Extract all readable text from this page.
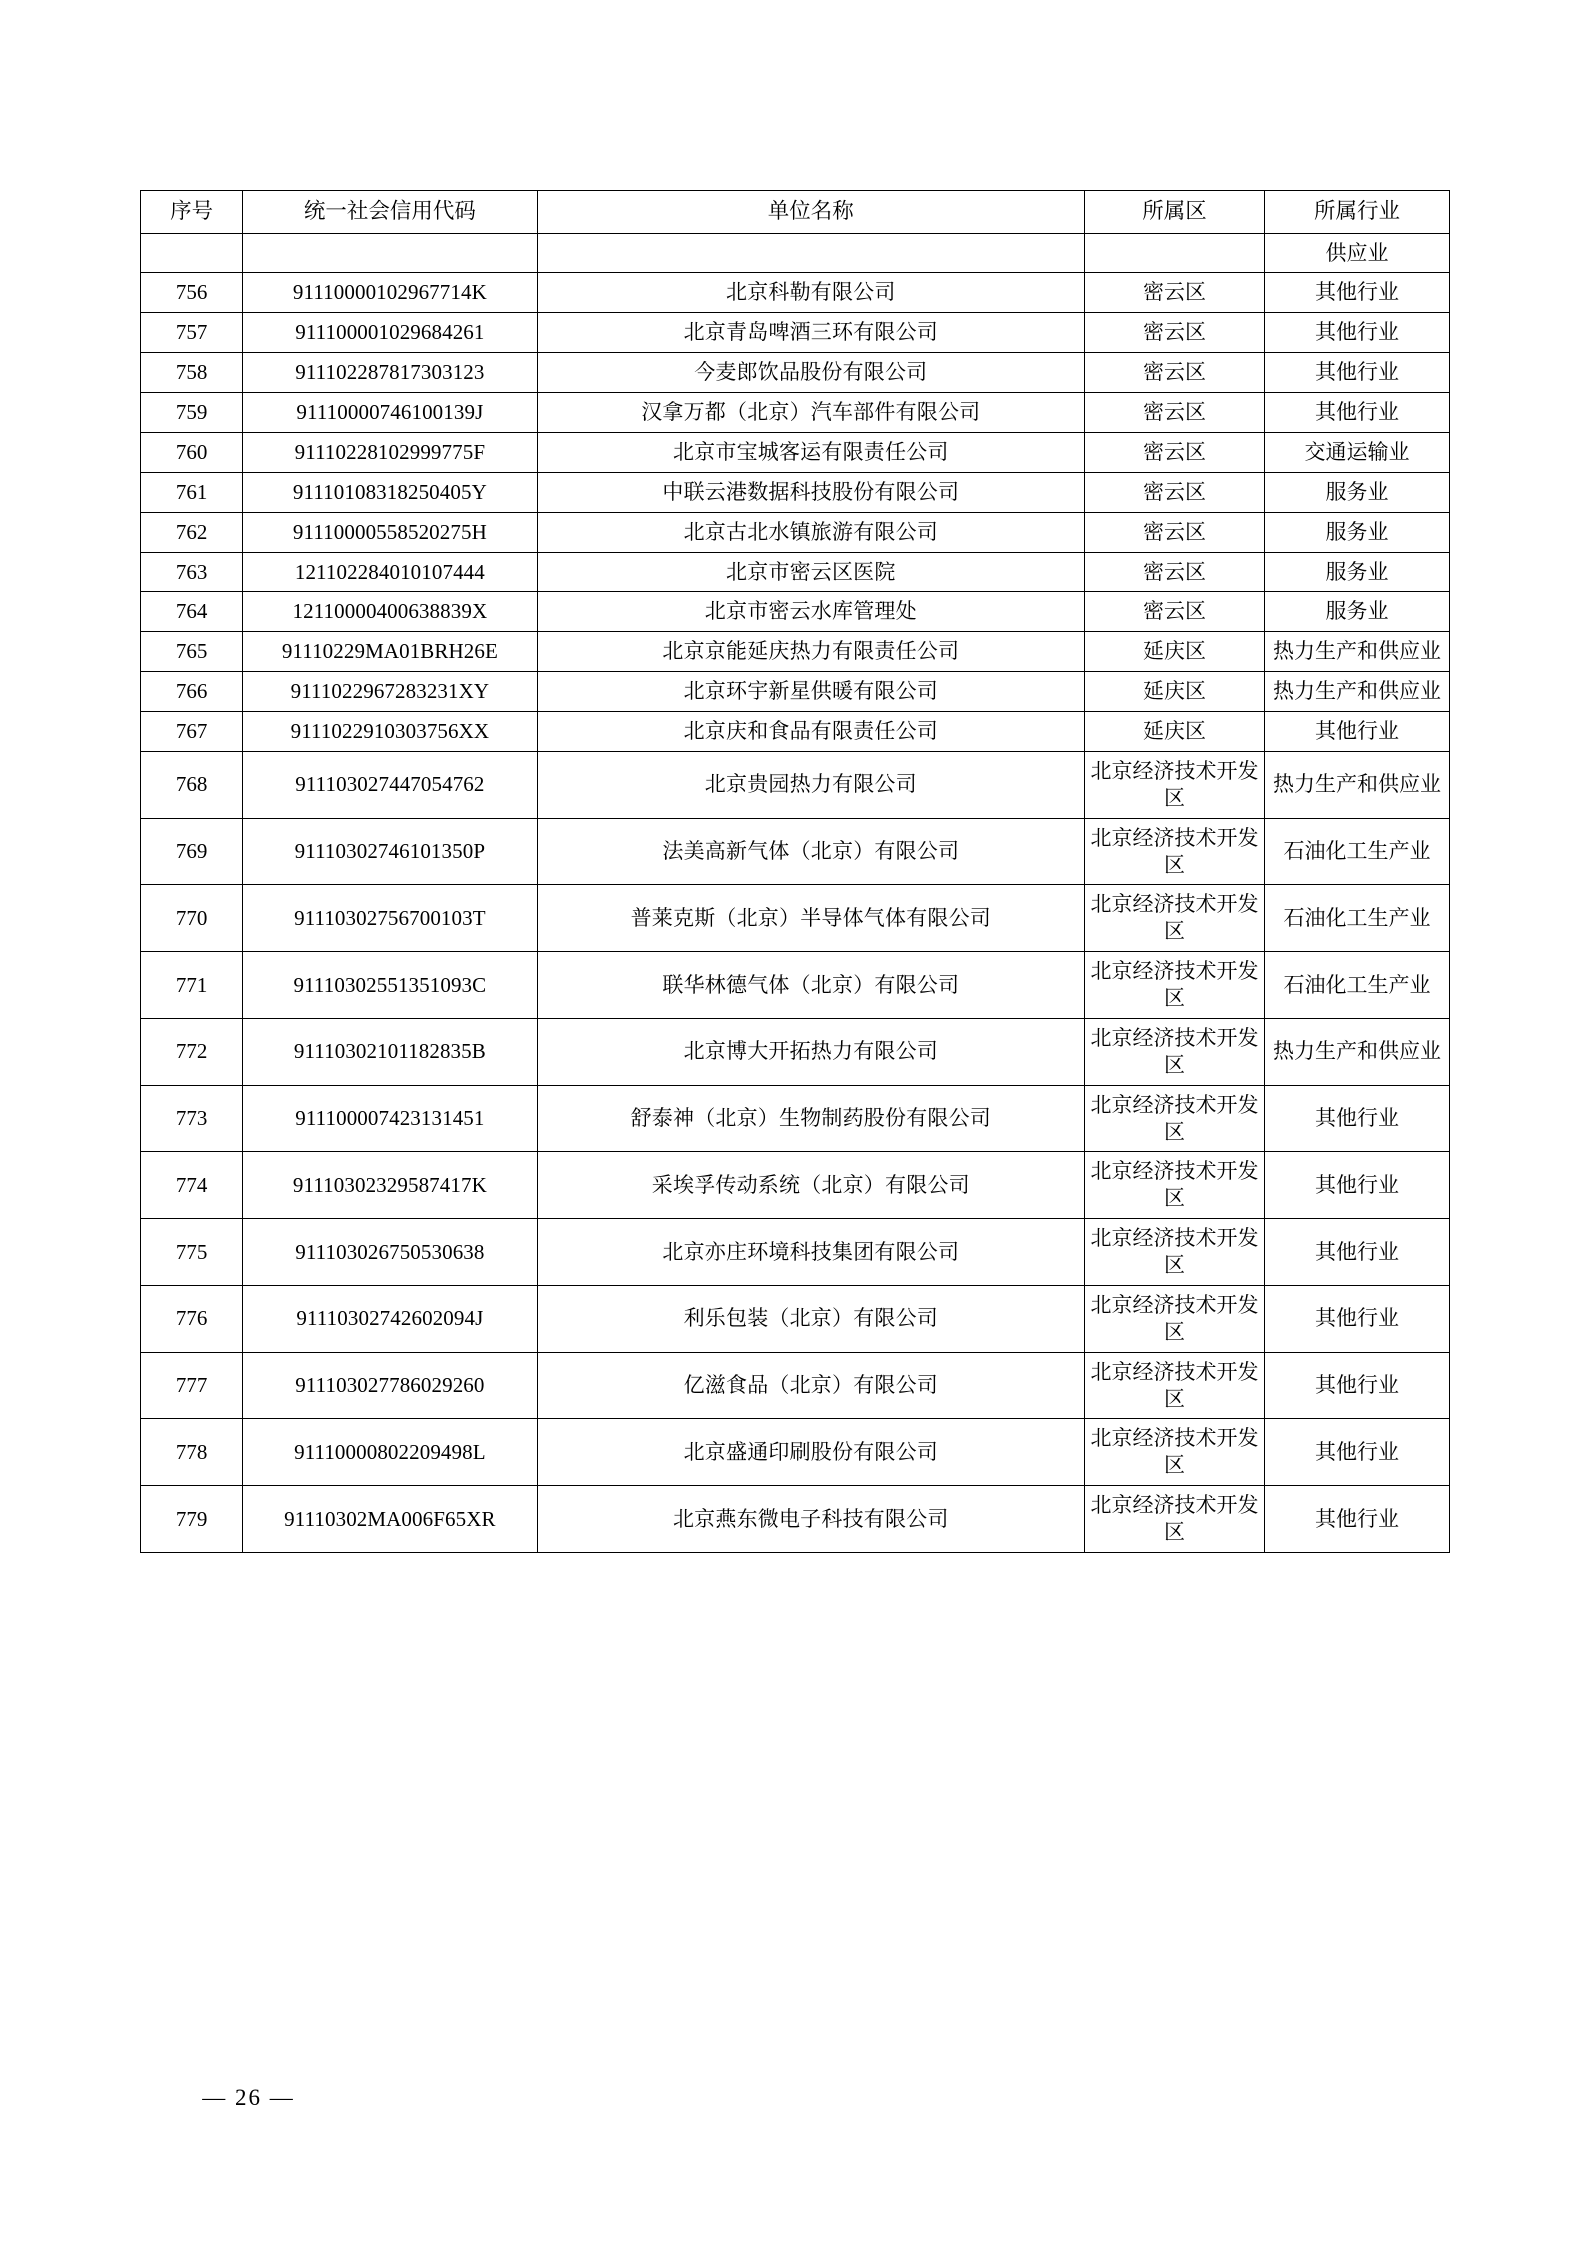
序号	统一社会信用代码	单位名称	所属区	所属行业
				供应业
756	91110000102967714K	北京科勒有限公司	密云区	其他行业
757	911100001029684261	北京青岛啤酒三环有限公司	密云区	其他行业
758	911102287817303123	今麦郎饮品股份有限公司	密云区	其他行业
759	91110000746100139J	汉拿万都（北京）汽车部件有限公司	密云区	其他行业
760	91110228102999775F	北京市宝城客运有限责任公司	密云区	交通运输业
761	91110108318250405Y	中联云港数据科技股份有限公司	密云区	服务业
762	91110000558520275H	北京古北水镇旅游有限公司	密云区	服务业
763	121102284010107444	北京市密云区医院	密云区	服务业
764	12110000400638839X	北京市密云水库管理处	密云区	服务业
765	91110229MA01BRH26E	北京京能延庆热力有限责任公司	延庆区	热力生产和供应业
766	9111022967283231XY	北京环宇新星供暖有限公司	延庆区	热力生产和供应业
767	9111022910303756XX	北京庆和食品有限责任公司	延庆区	其他行业
768	911103027447054762	北京贵园热力有限公司	北京经济技术开发区	热力生产和供应业
769	91110302746101350P	法美高新气体（北京）有限公司	北京经济技术开发区	石油化工生产业
770	91110302756700103T	普莱克斯（北京）半导体气体有限公司	北京经济技术开发区	石油化工生产业
771	91110302551351093C	联华林德气体（北京）有限公司	北京经济技术开发区	石油化工生产业
772	91110302101182835B	北京博大开拓热力有限公司	北京经济技术开发区	热力生产和供应业
773	911100007423131451	舒泰神（北京）生物制药股份有限公司	北京经济技术开发区	其他行业
774	91110302329587417K	采埃孚传动系统（北京）有限公司	北京经济技术开发区	其他行业
775	911103026750530638	北京亦庄环境科技集团有限公司	北京经济技术开发区	其他行业
776	91110302742602094J	利乐包装（北京）有限公司	北京经济技术开发区	其他行业
777	911103027786029260	亿滋食品（北京）有限公司	北京经济技术开发区	其他行业
778	91110000802209498L	北京盛通印刷股份有限公司	北京经济技术开发区	其他行业
779	91110302MA006F65XR	北京燕东微电子科技有限公司	北京经济技术开发区	其他行业
— 26 —
